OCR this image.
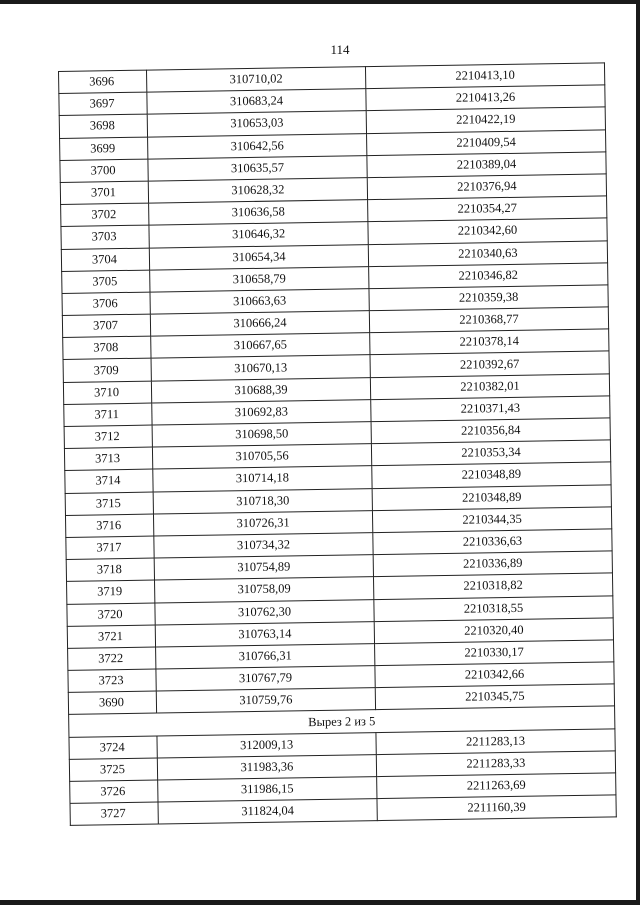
114
3696	310710,02	2210413,10
3697	310683,24	2210413,26
3698	310653,03	2210422,19
3699	310642,56	2210409,54
3700	310635,57	2210389,04
3701	310628,32	2210376,94
3702	310636,58	2210354,27
3703	310646,32	2210342,60
3704	310654,34	2210340,63
3705	310658,79	2210346,82
3706	310663,63	2210359,38
3707	310666,24	2210368,77
3708	310667,65	2210378,14
3709	310670,13	2210392,67
3710	310688,39	2210382,01
3711	310692,83	2210371,43
3712	310698,50	2210356,84
3713	310705,56	2210353,34
3714	310714,18	2210348,89
3715	310718,30	2210348,89
3716	310726,31	2210344,35
3717	310734,32	2210336,63
3718	310754,89	2210336,89
3719	310758,09	2210318,82
3720	310762,30	2210318,55
3721	310763,14	2210320,40
3722	310766,31	2210330,17
3723	310767,79	2210342,66
3690	310759,76	2210345,75
Вырез 2 из 5		
3724	312009,13	2211283,13
3725	311983,36	2211283,33
3726	311986,15	2211263,69
3727	311824,04	2211160,39
